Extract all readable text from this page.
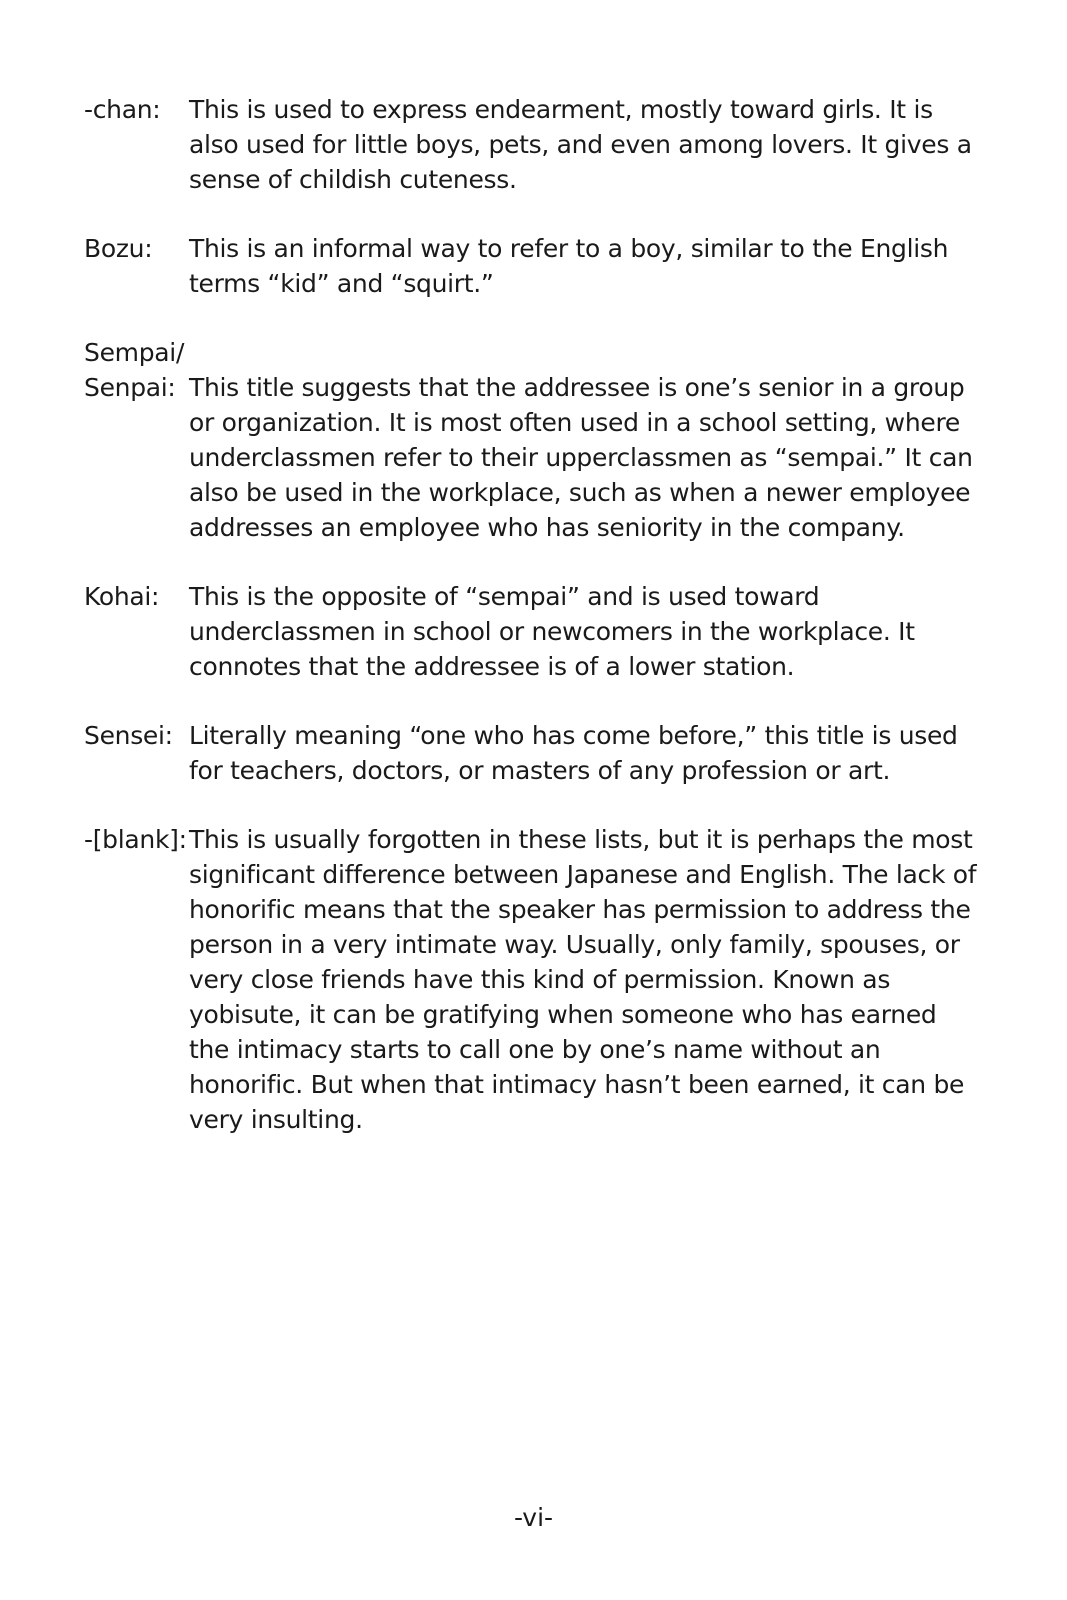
-chan:	This is used to express endearment, mostly toward girls. It is also used for little boys, pets, and even among lovers. It gives a sense of childish cuteness.
Bozu:	This is an informal way to refer to a boy, similar to the English terms “kid” and “squirt.”
Sempai/
Senpai: This title suggests that the addressee is one’s senior in a group or organization. It is most often used in a school setting, where underclassmen refer to their upperclassmen as “sempai.” It can also be used in the workplace, such as when a newer employee addresses an employee who has seniority in the company.
Kohai:	This is the opposite of “sempai” and is used toward underclassmen in school or newcomers in the workplace. It connotes that the addressee is of a lower station.
Sensei: Literally meaning “one who has come before,” this title is used for teachers, doctors, or masters of any profession or art.
-[blank]: This is usually forgotten in these lists, but it is perhaps the most significant difference between Japanese and English. The lack of honorific means that the speaker has permission to address the person in a very intimate way. Usually, only family, spouses, or very close friends have this kind of permission. Known as yobisute, it can be gratifying when someone who has earned the intimacy starts to call one by one’s name without an honorific. But when that intimacy hasn’t been earned, it can be very insulting.
-vi-
